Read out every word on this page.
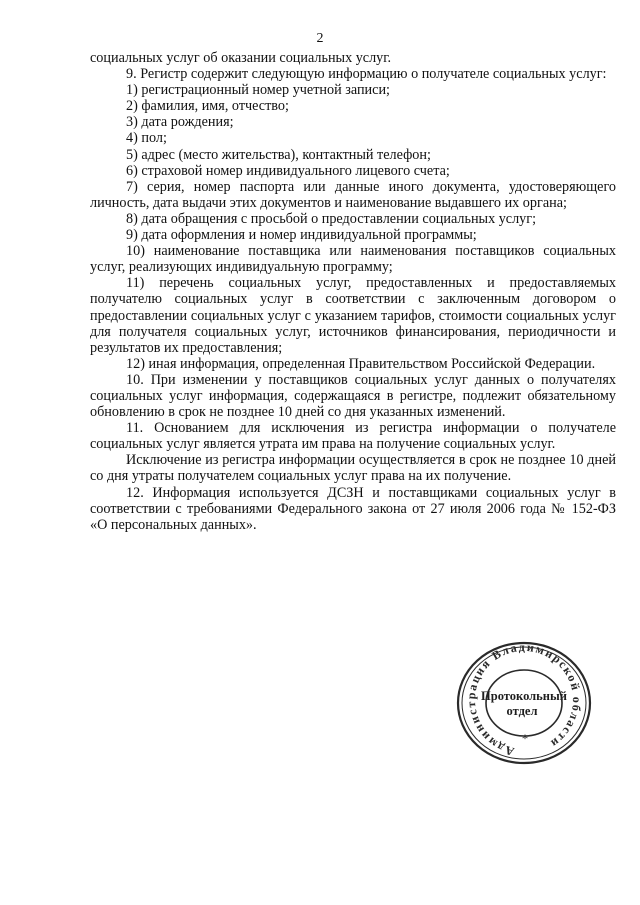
2

социальных услуг об оказании социальных услуг.

9. Регистр содержит следующую информацию о получателе социальных услуг:

1) регистрационный номер учетной записи;

2) фамилия, имя, отчество;

3) дата рождения;

4) пол;

5) адрес (место жительства), контактный телефон;

6) страховой номер индивидуального лицевого счета;

7) серия, номер паспорта или данные иного документа, удостоверяющего личность, дата выдачи этих документов и наименование выдавшего их органа;

8) дата обращения с просьбой о предоставлении социальных услуг;

9) дата оформления и номер индивидуальной программы;

10) наименование поставщика или наименования поставщиков социальных услуг, реализующих индивидуальную программу;

11) перечень социальных услуг, предоставленных и предоставляемых получателю социальных услуг в соответствии с заключенным договором о предоставлении социальных услуг с указанием тарифов, стоимости социальных услуг для получателя социальных услуг, источников финансирования, периодичности и результатов их предоставления;

12) иная информация, определенная Правительством Российской Федерации.

10. При изменении у поставщиков социальных услуг данных о получателях социальных услуг информация, содержащаяся в регистре, подлежит обязательному обновлению в срок не позднее 10 дней со дня указанных изменений.

11. Основанием для исключения из регистра информации о получателе социальных услуг является утрата им права на получение социальных услуг.

Исключение из регистра информации осуществляется в срок не позднее 10 дней со дня утраты получателем социальных услуг права на их получение.

12. Информация используется ДСЗН и поставщиками социальных услуг в соответствии с требованиями Федерального закона от 27 июля 2006 года № 152-ФЗ «О персональных данных».

Администрация Владимирской области
*
Протокольный
отдел
